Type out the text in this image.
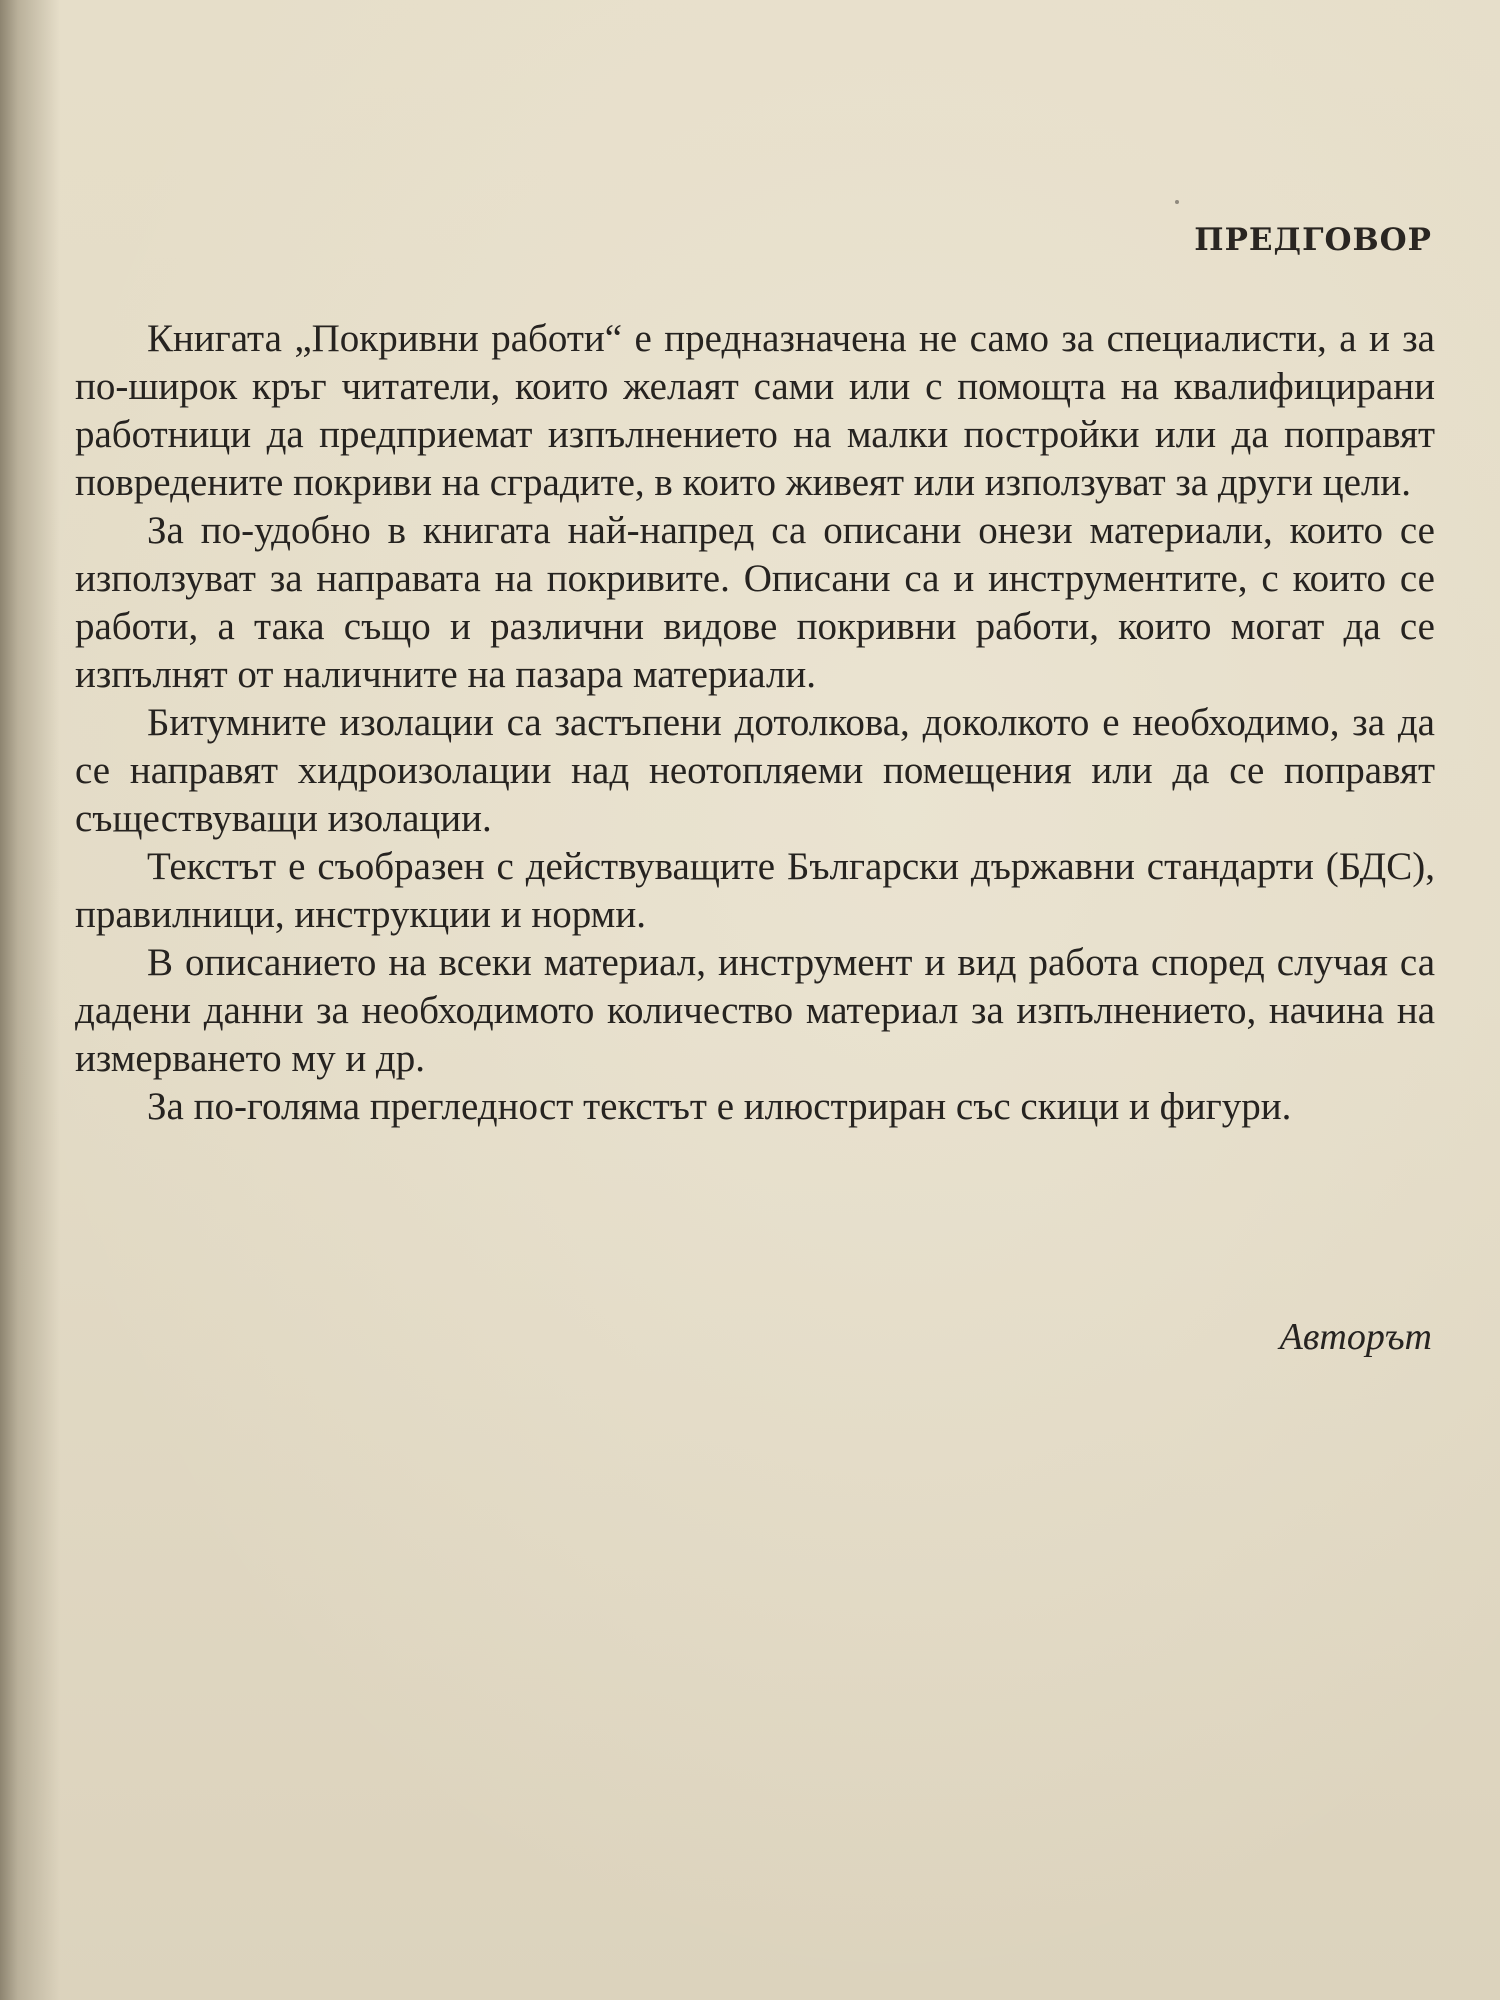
ПРЕДГОВОР

Книгата „Покривни работи“ е предназначена не само за специалисти, а и за по-широк кръг читатели, които желаят сами или с помощта на квалифицирани работници да предприемат изпълнението на малки постройки или да поправят повредените покриви на сградите, в които живеят или използуват за други цели.

За по-удобно в книгата най-напред са описани онези материали, които се използуват за направата на покривите. Описани са и инструментите, с които се работи, а така също и различни видове покривни работи, които могат да се изпълнят от наличните на пазара материали.

Битумните изолации са застъпени дотолкова, доколкото е необходимо, за да се направят хидроизолации над неотопляеми помещения или да се поправят съществуващи изолации.

Текстът е съобразен с действуващите Български държавни стандарти (БДС), правилници, инструкции и норми.

В описанието на всеки материал, инструмент и вид работа според случая са дадени данни за необходимото количество материал за изпълнението, начина на измерването му и др.

За по-голяма прегледност текстът е илюстриран със скици и фигури.

Авторът
